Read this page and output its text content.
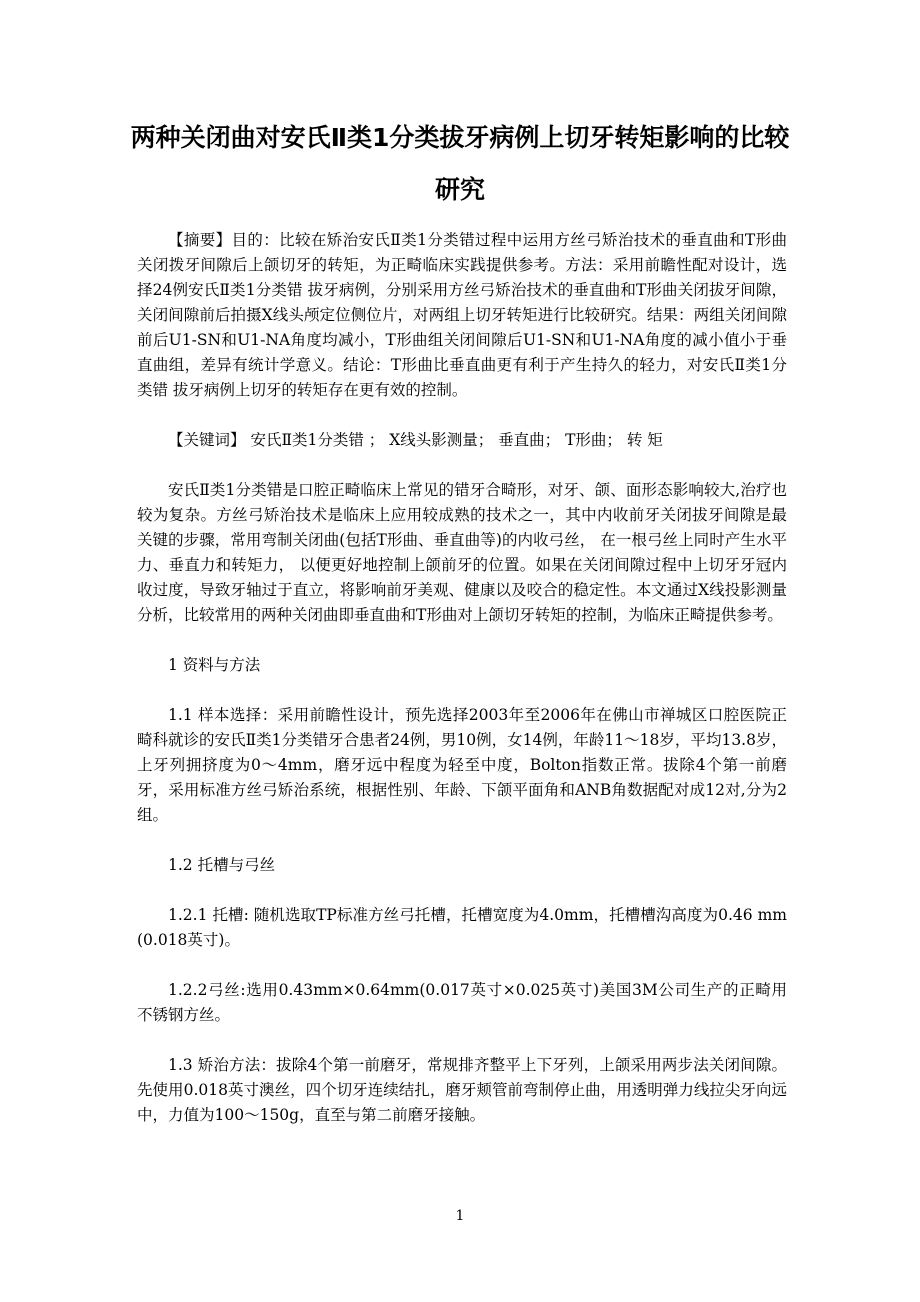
两种关闭曲对安氏Ⅱ类1分类拔牙病例上切牙转矩影响的比较研究

【摘要】目的：比较在矫治安氏Ⅱ类1分类错过程中运用方丝弓矫治技术的垂直曲和T形曲关闭拨牙间隙后上颌切牙的转矩，为正畸临床实践提供参考。方法：采用前瞻性配对设计，选择24例安氏Ⅱ类1分类错 拔牙病例，分别采用方丝弓矫治技术的垂直曲和T形曲关闭拔牙间隙，关闭间隙前后拍摄X线头颅定位侧位片，对两组上切牙转矩进行比较研究。结果：两组关闭间隙前后U1-SN和U1-NA角度均减小，T形曲组关闭间隙后U1-SN和U1-NA角度的减小值小于垂直曲组，差异有统计学意义。结论：T形曲比垂直曲更有利于产生持久的轻力，对安氏Ⅱ类1分类错 拔牙病例上切牙的转矩存在更有效的控制。

【关键词】 安氏Ⅱ类1分类错 ； X线头影测量； 垂直曲； T形曲； 转 矩

安氏Ⅱ类1分类错是口腔正畸临床上常见的错牙合畸形，对牙、颌、面形态影响较大,治疗也较为复杂。方丝弓矫治技术是临床上应用较成熟的技术之一，其中内收前牙关闭拔牙间隙是最关键的步骤，常用弯制关闭曲(包括T形曲、垂直曲等)的内收弓丝， 在一根弓丝上同时产生水平力、垂直力和转矩力， 以便更好地控制上颌前牙的位置。如果在关闭间隙过程中上切牙牙冠内收过度，导致牙轴过于直立，将影响前牙美观、健康以及咬合的稳定性。本文通过X线投影测量分析，比较常用的两种关闭曲即垂直曲和T形曲对上颌切牙转矩的控制，为临床正畸提供参考。

1 资料与方法

1.1 样本选择：采用前瞻性设计，预先选择2003年至2006年在佛山市禅城区口腔医院正畸科就诊的安氏Ⅱ类1分类错牙合患者24例，男10例，女14例，年龄11～18岁，平均13.8岁，上牙列拥挤度为0～4mm，磨牙远中程度为轻至中度，Bolton指数正常。拔除4个第一前磨牙，采用标准方丝弓矫治系统，根据性别、年龄、下颌平面角和ANB角数据配对成12对,分为2 组。

1.2 托槽与弓丝

1.2.1 托槽: 随机选取TP标准方丝弓托槽，托槽宽度为4.0mm，托槽槽沟高度为0.46 mm (0.018英寸)。

1.2.2弓丝:选用0.43mm×0.64mm(0.017英寸×0.025英寸)美国3M公司生产的正畸用不锈钢方丝。

1.3 矫治方法：拔除4个第一前磨牙，常规排齐整平上下牙列，上颌采用两步法关闭间隙。先使用0.018英寸澳丝，四个切牙连续结扎，磨牙颊管前弯制停止曲，用透明弹力线拉尖牙向远中，力值为100～150g，直至与第二前磨牙接触。

1
